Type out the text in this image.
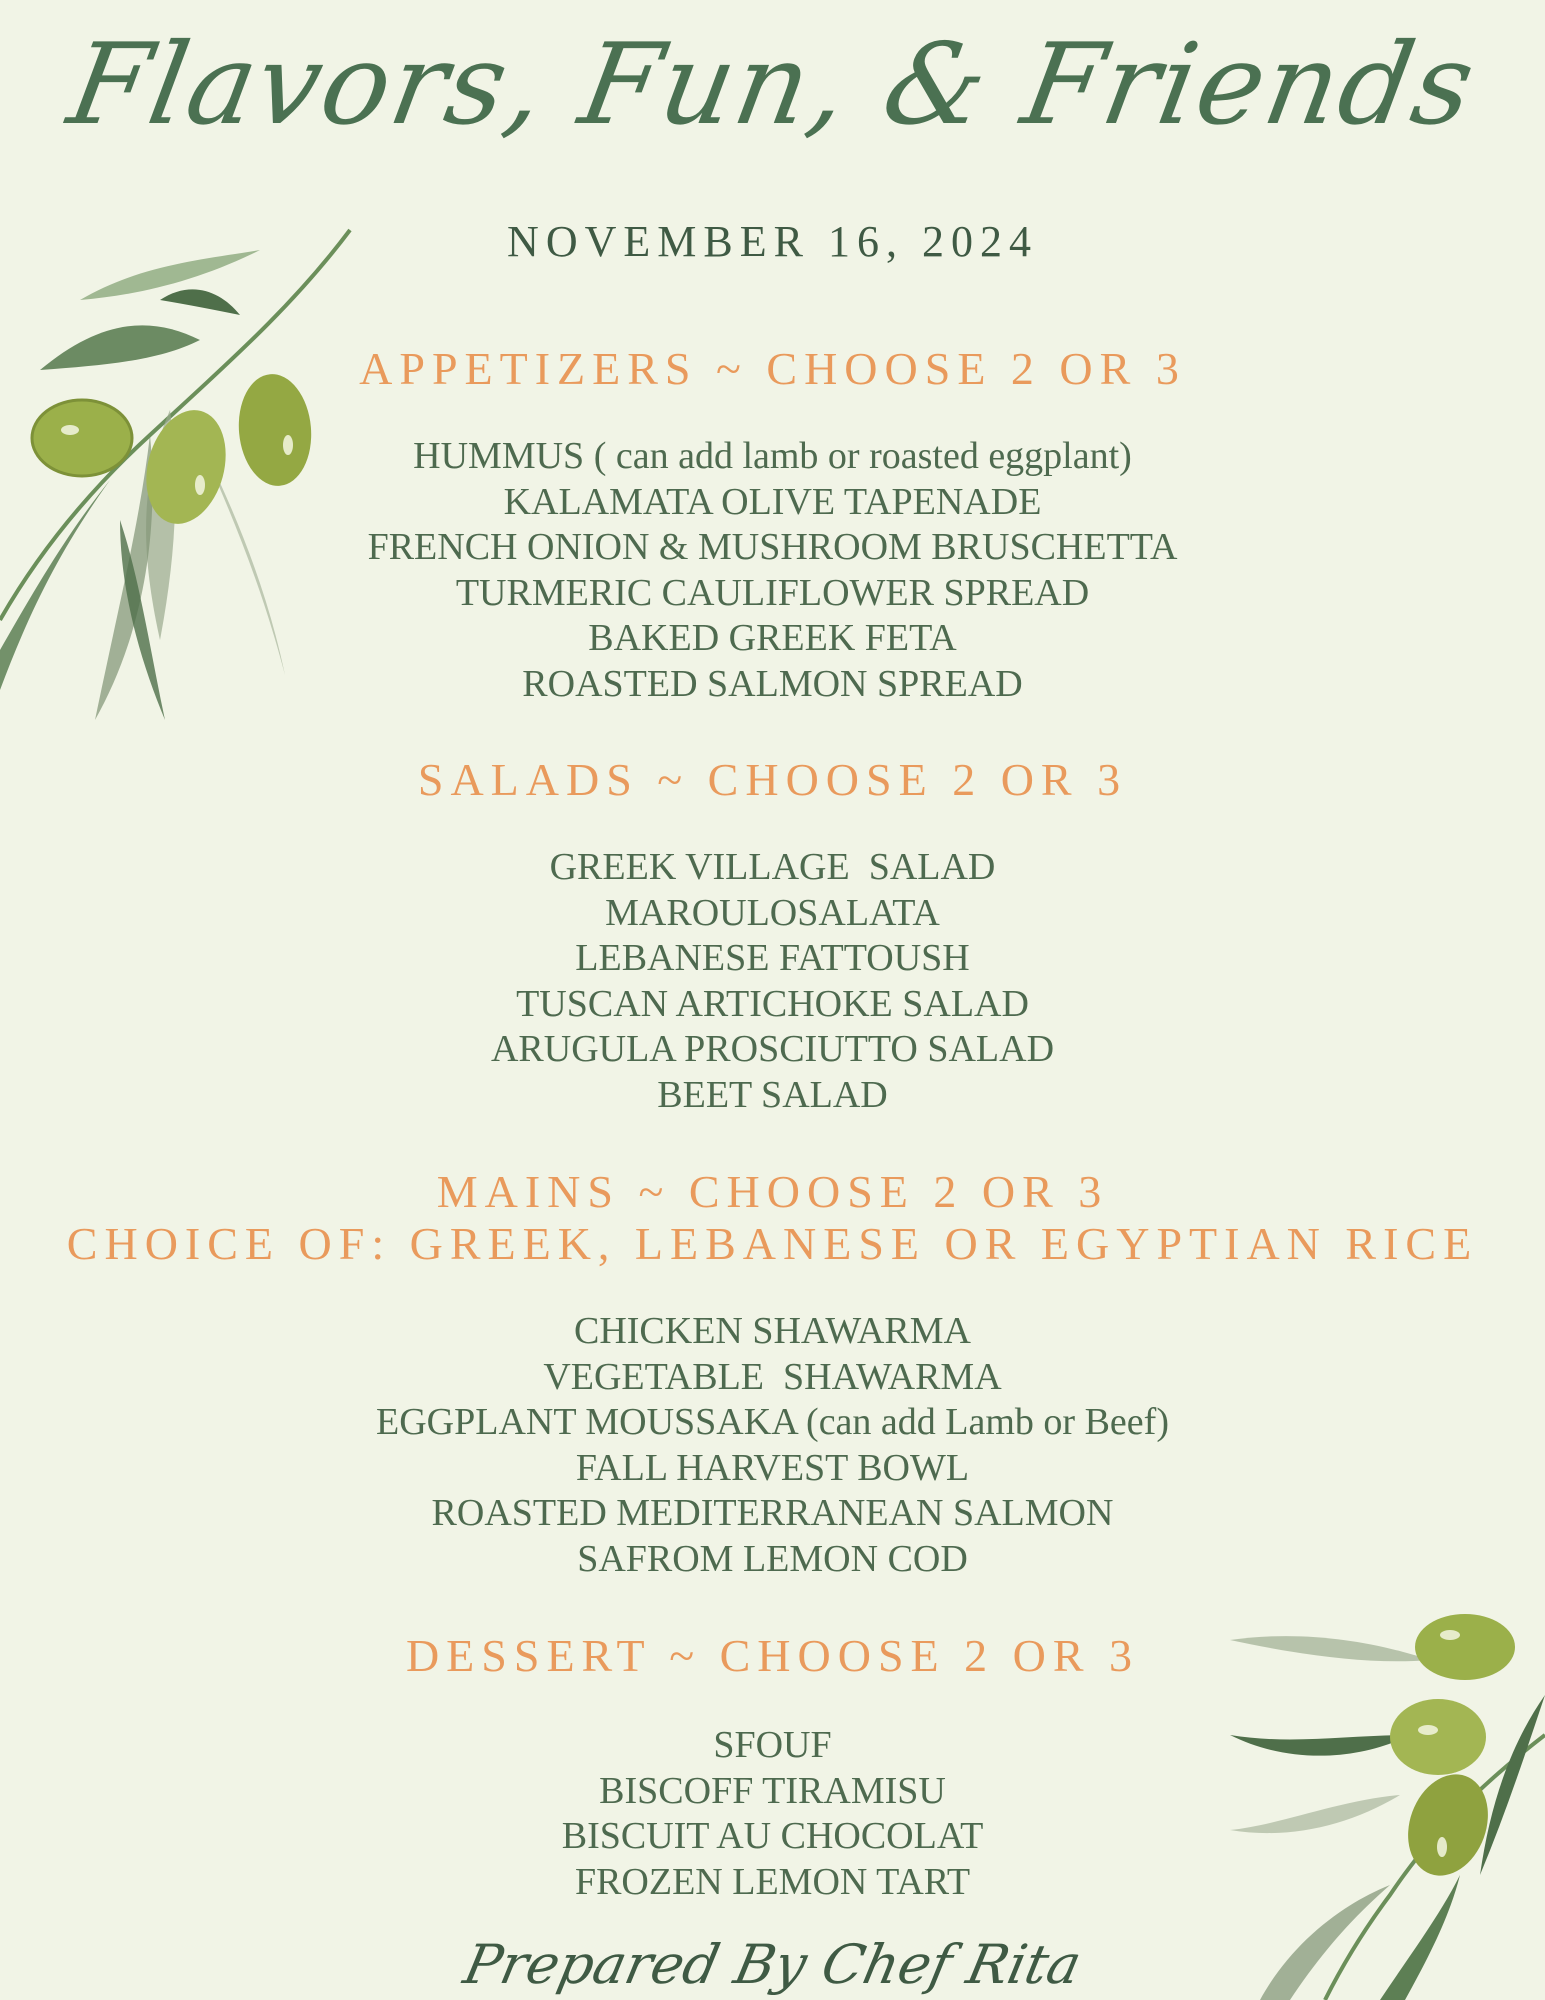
Flavors, Fun, & Friends
NOVEMBER 16, 2024
APPETIZERS ~ CHOOSE 2 OR 3
HUMMUS ( can add lamb or roasted eggplant)
KALAMATA OLIVE TAPENADE
FRENCH ONION & MUSHROOM BRUSCHETTA
TURMERIC CAULIFLOWER SPREAD
BAKED GREEK FETA
ROASTED SALMON SPREAD
SALADS ~ CHOOSE 2 OR 3
GREEK VILLAGE  SALAD
MAROULOSALATA
LEBANESE FATTOUSH
TUSCAN ARTICHOKE SALAD
ARUGULA PROSCIUTTO SALAD
BEET SALAD
MAINS ~ CHOOSE 2 OR 3
CHOICE OF: GREEK, LEBANESE OR EGYPTIAN RICE
CHICKEN SHAWARMA
VEGETABLE  SHAWARMA
EGGPLANT MOUSSAKA (can add Lamb or Beef)
FALL HARVEST BOWL
ROASTED MEDITERRANEAN SALMON
SAFROM LEMON COD
DESSERT ~ CHOOSE 2 OR 3
SFOUF
BISCOFF TIRAMISU
BISCUIT AU CHOCOLAT
FROZEN LEMON TART
Prepared By Chef Rita
